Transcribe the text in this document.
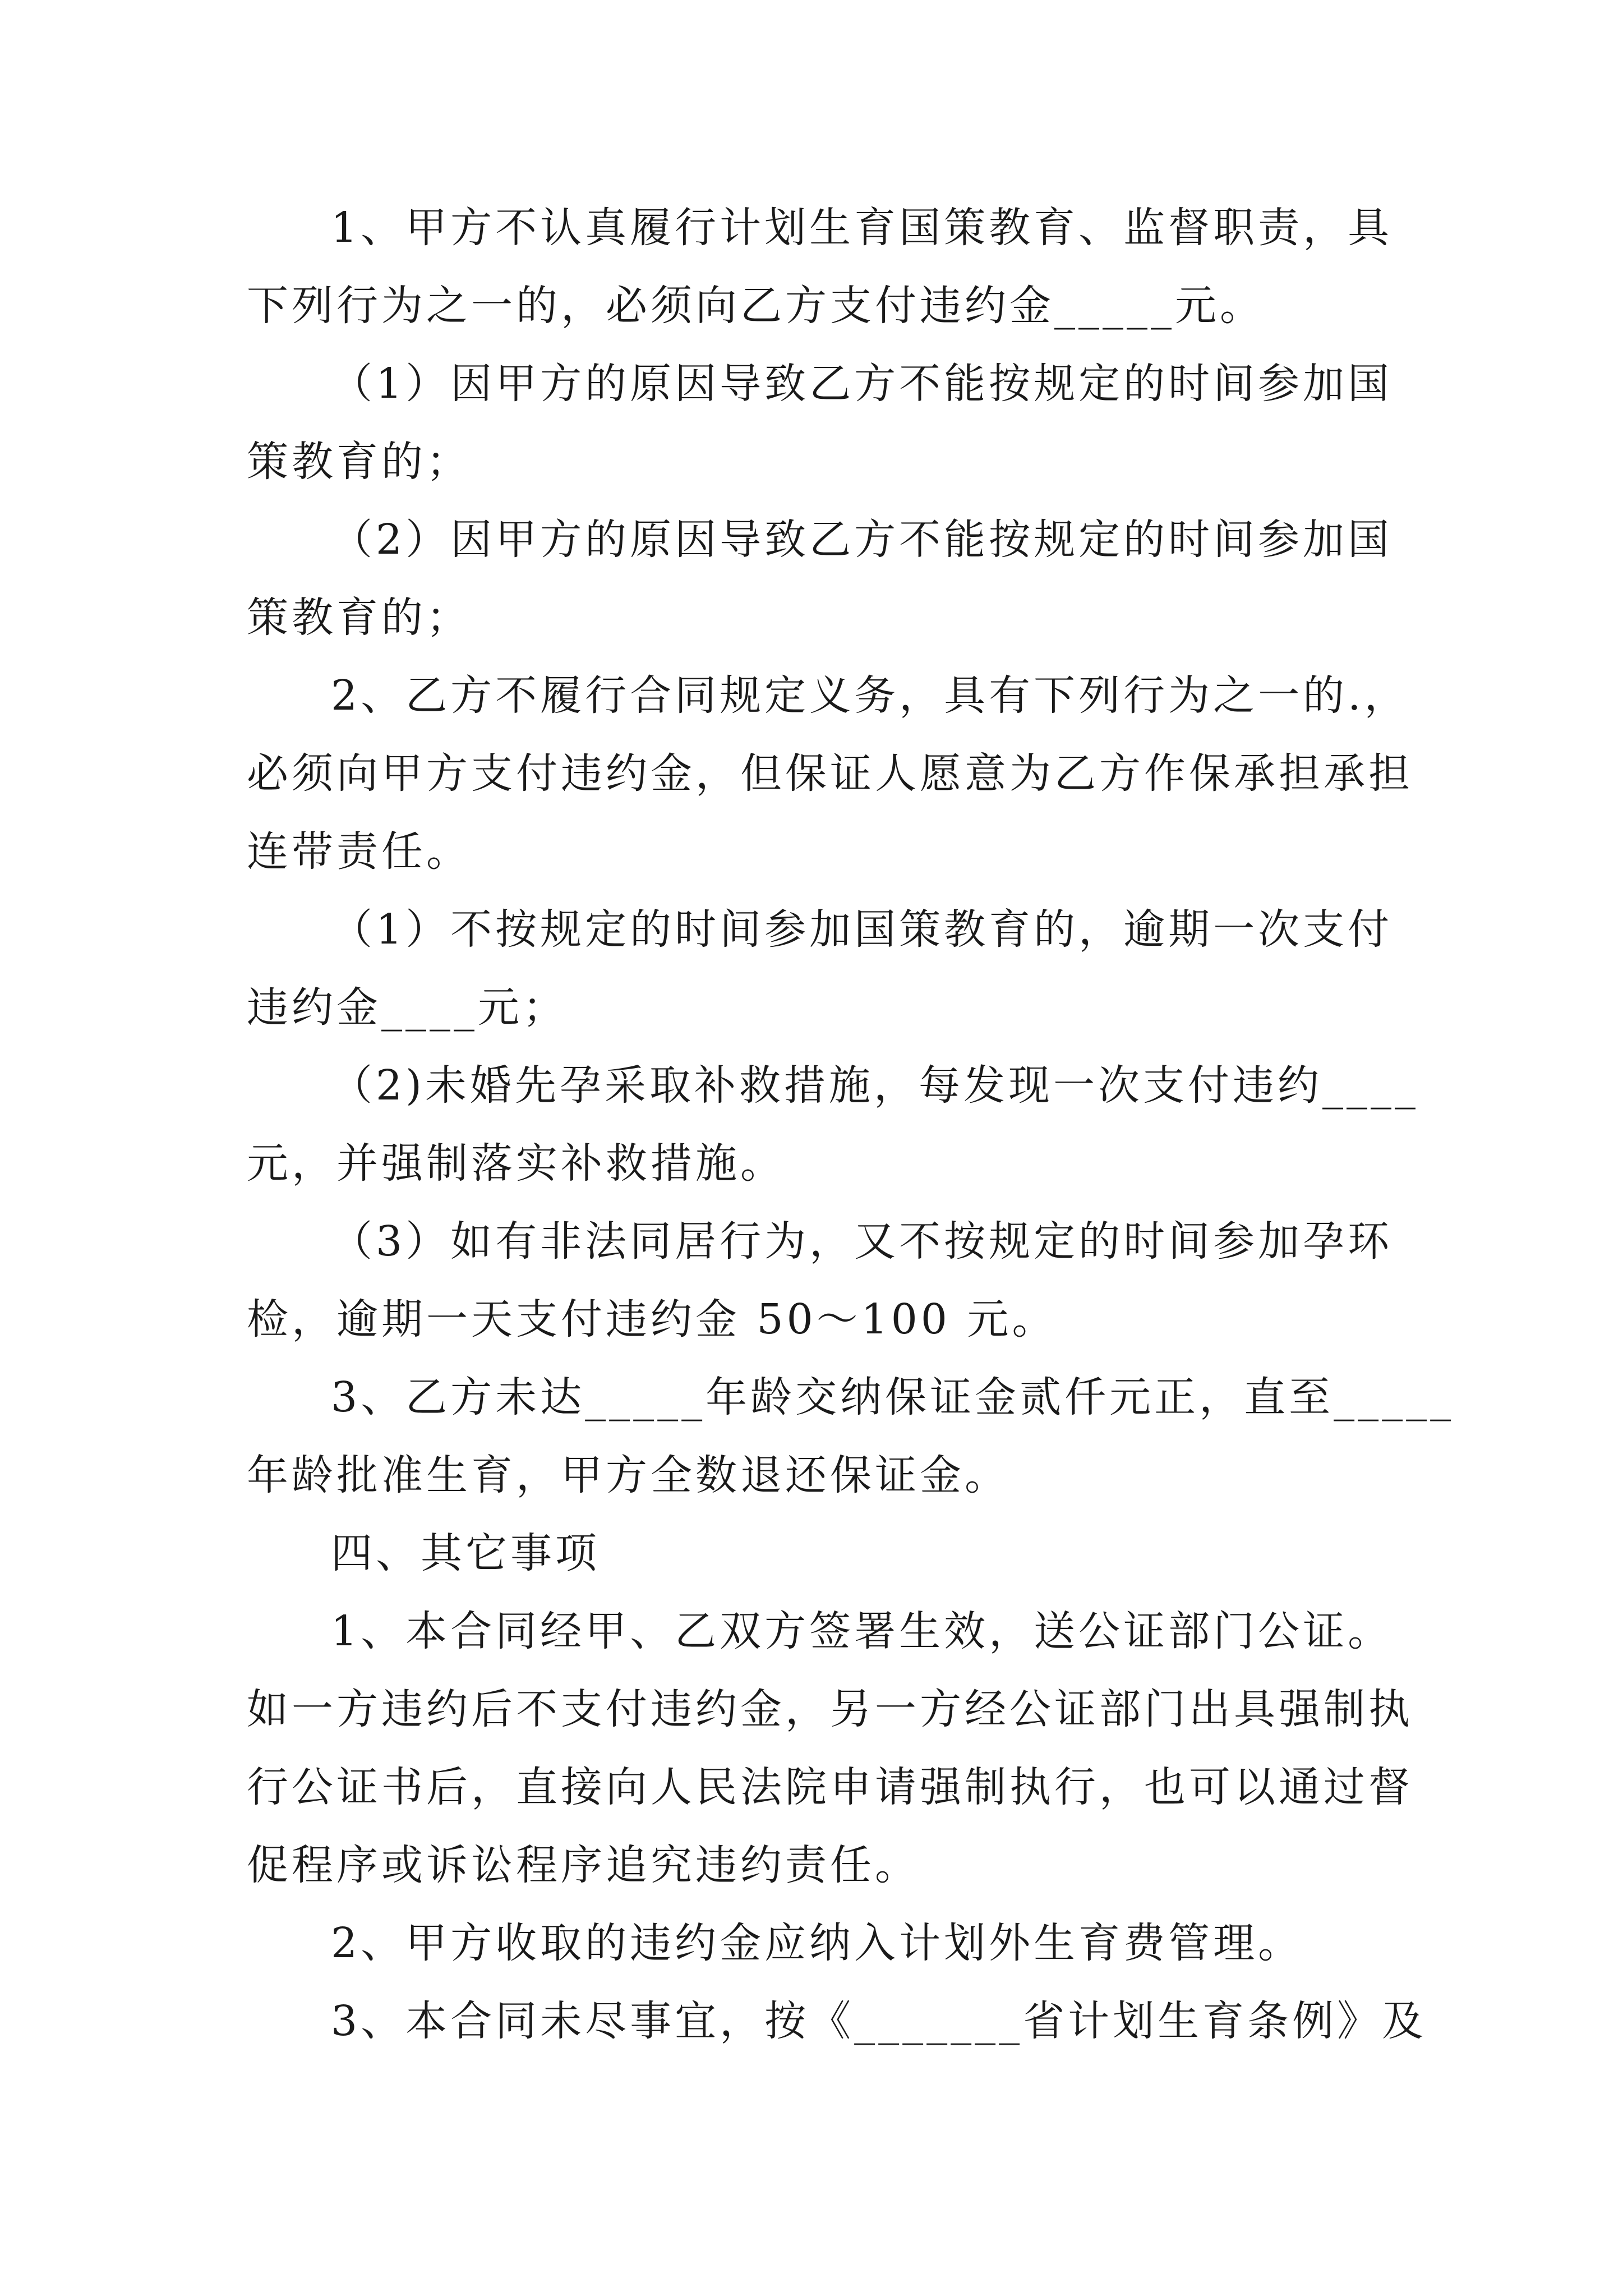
1、甲方不认真履行计划生育国策教育、监督职责，具
下列行为之一的，必须向乙方支付违约金_____元。
（1）因甲方的原因导致乙方不能按规定的时间参加国
策教育的；
（2）因甲方的原因导致乙方不能按规定的时间参加国
策教育的；
2、乙方不履行合同规定义务，具有下列行为之一的.，
必须向甲方支付违约金，但保证人愿意为乙方作保承担承担
连带责任。
（1）不按规定的时间参加国策教育的，逾期一次支付
违约金____元；
（2)未婚先孕采取补救措施，每发现一次支付违约____
元，并强制落实补救措施。
（3）如有非法同居行为，又不按规定的时间参加孕环
检，逾期一天支付违约金 50～100 元。
3、乙方未达_____年龄交纳保证金贰仟元正，直至_____
年龄批准生育，甲方全数退还保证金。
四、其它事项
1、本合同经甲、乙双方签署生效，送公证部门公证。
如一方违约后不支付违约金，另一方经公证部门出具强制执
行公证书后，直接向人民法院申请强制执行，也可以通过督
促程序或诉讼程序追究违约责任。
2、甲方收取的违约金应纳入计划外生育费管理。
3、本合同未尽事宜，按《_______省计划生育条例》及
